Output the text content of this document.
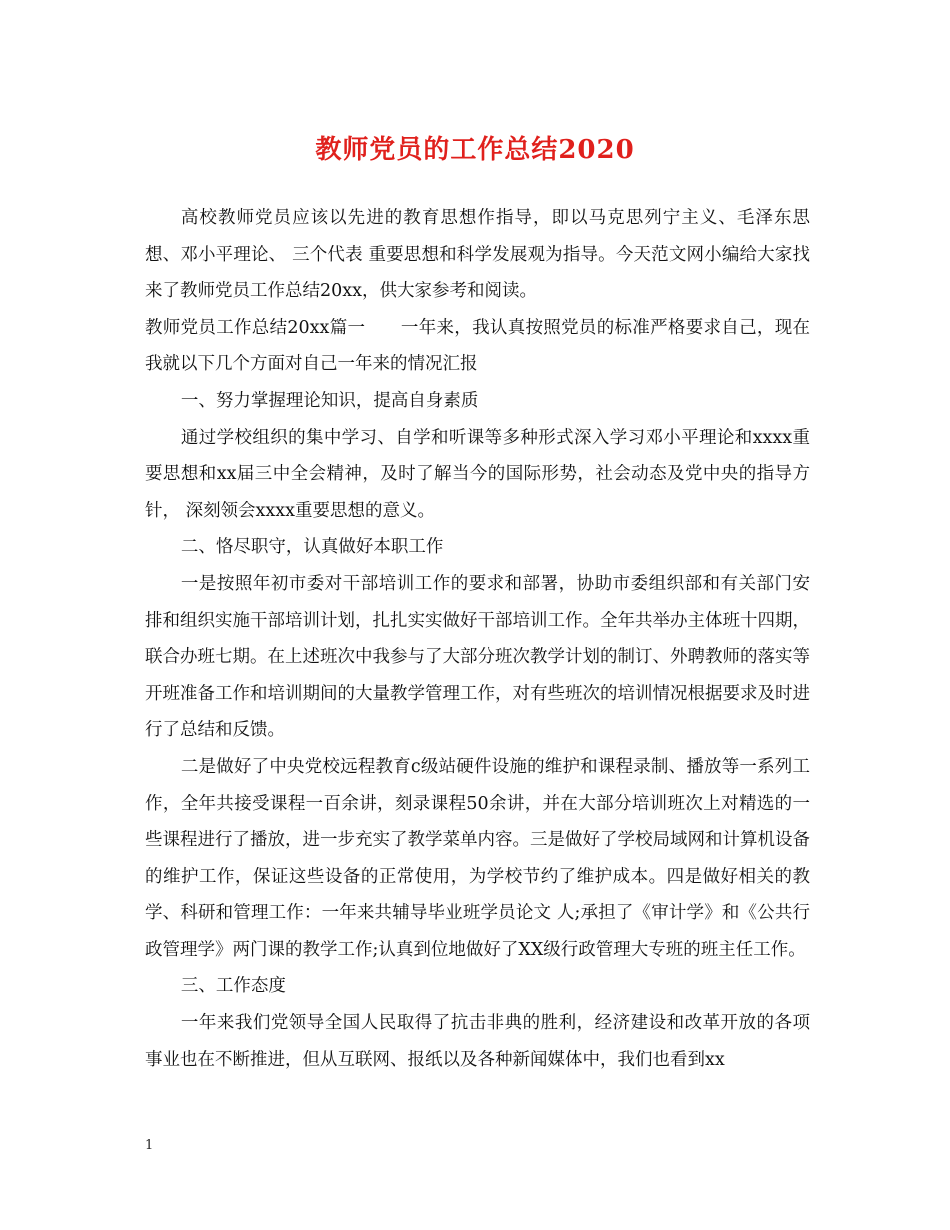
教师党员的工作总结2020

高校教师党员应该以先进的教育思想作指导，即以马克思列宁主义、毛泽东思想、邓小平理论、 三个代表 重要思想和科学发展观为指导。今天范文网小编给大家找来了教师党员工作总结20xx，供大家参考和阅读。

教师党员工作总结20xx篇一　　一年来，我认真按照党员的标准严格要求自己，现在我就以下几个方面对自己一年来的情况汇报

一、努力掌握理论知识，提高自身素质

通过学校组织的集中学习、自学和听课等多种形式深入学习邓小平理论和xxxx重要思想和xx届三中全会精神，及时了解当今的国际形势，社会动态及党中央的指导方针， 深刻领会xxxx重要思想的意义。

二、恪尽职守，认真做好本职工作

一是按照年初市委对干部培训工作的要求和部署，协助市委组织部和有关部门安排和组织实施干部培训计划，扎扎实实做好干部培训工作。全年共举办主体班十四期，联合办班七期。在上述班次中我参与了大部分班次教学计划的制订、外聘教师的落实等开班准备工作和培训期间的大量教学管理工作，对有些班次的培训情况根据要求及时进行了总结和反馈。

二是做好了中央党校远程教育c级站硬件设施的维护和课程录制、播放等一系列工作，全年共接受课程一百余讲，刻录课程50余讲，并在大部分培训班次上对精选的一些课程进行了播放，进一步充实了教学菜单内容。三是做好了学校局域网和计算机设备的维护工作，保证这些设备的正常使用，为学校节约了维护成本。四是做好相关的教学、科研和管理工作：一年来共辅导毕业班学员论文 人;承担了《审计学》和《公共行政管理学》两门课的教学工作;认真到位地做好了XX级行政管理大专班的班主任工作。

三、工作态度

一年来我们党领导全国人民取得了抗击非典的胜利，经济建设和改革开放的各项事业也在不断推进，但从互联网、报纸以及各种新闻媒体中，我们也看到xx

1
